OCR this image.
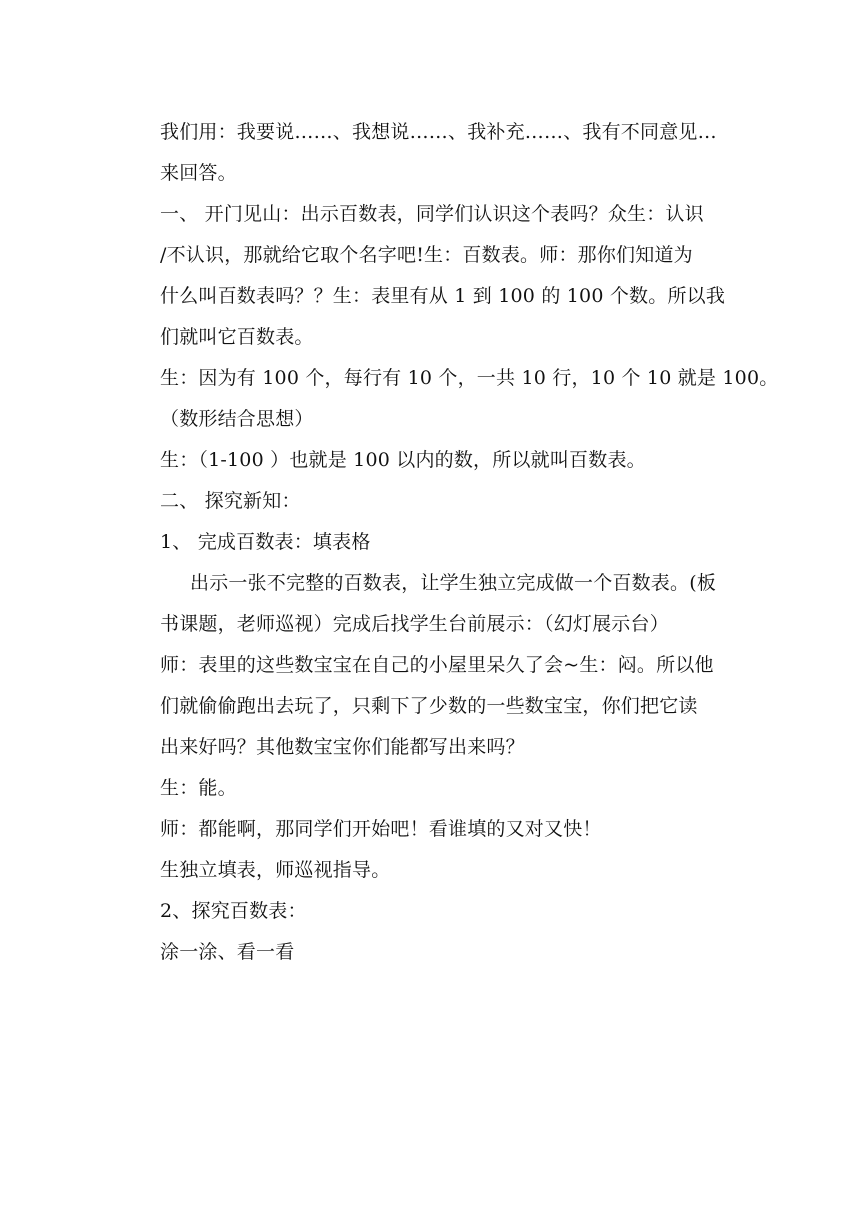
我们用：我要说……、我想说……、我补充……、我有不同意见…

来回答。

一、 开门见山：出示百数表，同学们认识这个表吗？众生：认识

/不认识，那就给它取个名字吧!生：百数表。师：那你们知道为

什么叫百数表吗？？生：表里有从 1 到 100 的 100 个数。所以我

们就叫它百数表。

生：因为有 100 个，每行有 10 个，一共 10 行，10 个 10 就是 100。

（数形结合思想）

生：（1-100 ）也就是 100 以内的数，所以就叫百数表。

二、 探究新知：

1、 完成百数表：填表格

出示一张不完整的百数表，让学生独立完成做一个百数表。(板

书课题，老师巡视）完成后找学生台前展示：（幻灯展示台）

师：表里的这些数宝宝在自己的小屋里呆久了会~生：闷。所以他

们就偷偷跑出去玩了，只剩下了少数的一些数宝宝，你们把它读

出来好吗？其他数宝宝你们能都写出来吗？

生：能。

师：都能啊，那同学们开始吧！看谁填的又对又快！

生独立填表，师巡视指导。

2、探究百数表：

涂一涂、看一看
